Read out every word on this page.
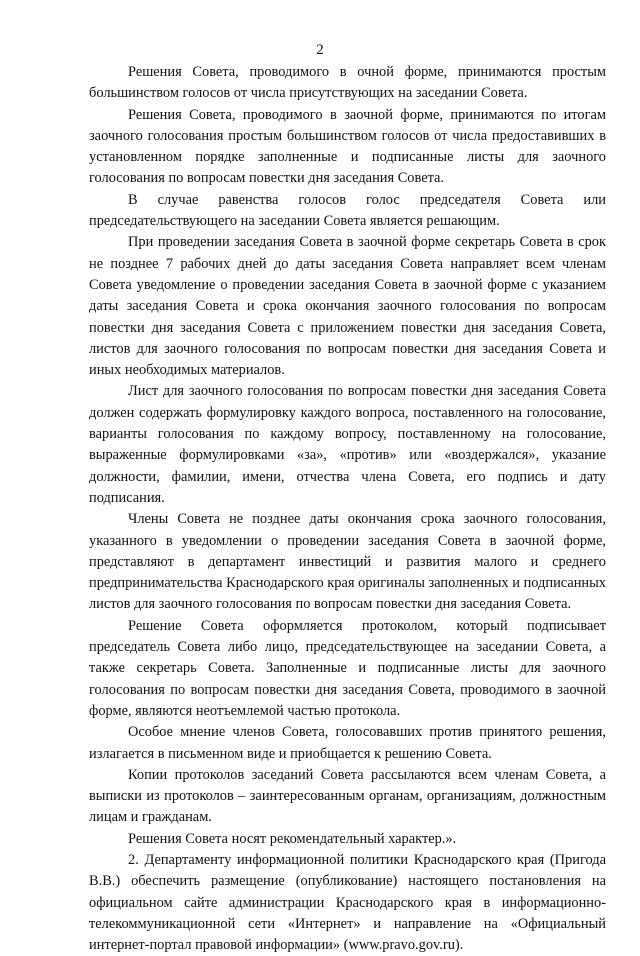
2

Решения Совета, проводимого в очной форме, принимаются простым большинством голосов от числа присутствующих на заседании Совета.

Решения Совета, проводимого в заочной форме, принимаются по итогам заочного голосования простым большинством голосов от числа предоставивших в установленном порядке заполненные и подписанные листы для заочного голосования по вопросам повестки дня заседания Совета.

В случае равенства голосов голос председателя Совета или председательствующего на заседании Совета является решающим.

При проведении заседания Совета в заочной форме секретарь Совета в срок не позднее 7 рабочих дней до даты заседания Совета направляет всем членам Совета уведомление о проведении заседания Совета в заочной форме с указанием даты заседания Совета и срока окончания заочного голосования по вопросам повестки дня заседания Совета с приложением повестки дня заседания Совета, листов для заочного голосования по вопросам повестки дня заседания Совета и иных необходимых материалов.

Лист для заочного голосования по вопросам повестки дня заседания Совета должен содержать формулировку каждого вопроса, поставленного на голосование, варианты голосования по каждому вопросу, поставленному на голосование, выраженные формулировками «за», «против» или «воздержался», указание должности, фамилии, имени, отчества члена Совета, его подпись и дату подписания.

Члены Совета не позднее даты окончания срока заочного голосования, указанного в уведомлении о проведении заседания Совета в заочной форме, представляют в департамент инвестиций и развития малого и среднего предпринимательства Краснодарского края оригиналы заполненных и подписанных листов для заочного голосования по вопросам повестки дня заседания Совета.

Решение Совета оформляется протоколом, который подписывает председатель Совета либо лицо, председательствующее на заседании Совета, а также секретарь Совета. Заполненные и подписанные листы для заочного голосования по вопросам повестки дня заседания Совета, проводимого в заочной форме, являются неотъемлемой частью протокола.

Особое мнение членов Совета, голосовавших против принятого решения, излагается в письменном виде и приобщается к решению Совета.

Копии протоколов заседаний Совета рассылаются всем членам Совета, а выписки из протоколов – заинтересованным органам, организациям, должностным лицам и гражданам.

Решения Совета носят рекомендательный характер.».

2. Департаменту информационной политики Краснодарского края (Пригода В.В.) обеспечить размещение (опубликование) настоящего постановления на официальном сайте администрации Краснодарского края в информационно-телекоммуникационной сети «Интернет» и направление на «Официальный интернет-портал правовой информации» (www.pravo.gov.ru).
